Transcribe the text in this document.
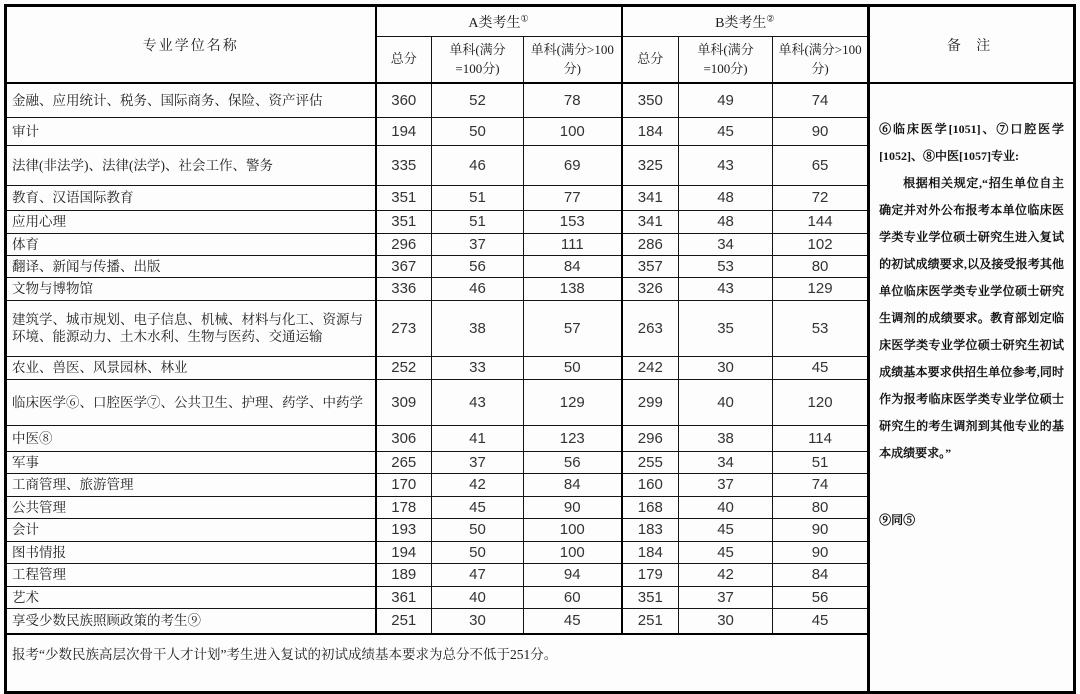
专业学位名称	A类考生①			B类考生②			备 注
	总分	单科(满分=100分)	单科(满分>100分)	总分	单科(满分=100分)	单科(满分>100分)	
金融、应用统计、税务、国际商务、保险、资产评估	360	52	78	350	49	74	⑥临床医学[1051]、⑦口腔医学[1052]、⑧中医[1057]专业:

根据相关规定,“招生单位自主确定并对外公布报考本单位临床医学类专业学位硕士研究生进入复试的初试成绩要求,以及接受报考其他单位临床医学类专业学位硕士研究生调剂的成绩要求。教育部划定临床医学类专业学位硕士研究生初试成绩基本要求供招生单位参考,同时作为报考临床医学类专业学位硕士研究生的考生调剂到其他专业的基本成绩要求。”

⑨同⑤

审计	194	50	100	184	45	90	
法律(非法学)、法律(法学)、社会工作、警务	335	46	69	325	43	65	
教育、汉语国际教育	351	51	77	341	48	72	
应用心理	351	51	153	341	48	144	
体育	296	37	111	286	34	102	
翻译、新闻与传播、出版	367	56	84	357	53	80	
文物与博物馆	336	46	138	326	43	129	
建筑学、城市规划、电子信息、机械、材料与化工、资源与环境、能源动力、土木水利、生物与医药、交通运输	273	38	57	263	35	53	
农业、兽医、风景园林、林业	252	33	50	242	30	45	
临床医学⑥、口腔医学⑦、公共卫生、护理、药学、中药学	309	43	129	299	40	120	
中医⑧	306	41	123	296	38	114	
军事	265	37	56	255	34	51	
工商管理、旅游管理	170	42	84	160	37	74	
公共管理	178	45	90	168	40	80	
会计	193	50	100	183	45	90	
图书情报	194	50	100	184	45	90	
工程管理	189	47	94	179	42	84	
艺术	361	40	60	351	37	56	
享受少数民族照顾政策的考生⑨	251	30	45	251	30	45	
报考“少数民族高层次骨干人才计划”考生进入复试的初试成绩基本要求为总分不低于251分。							
